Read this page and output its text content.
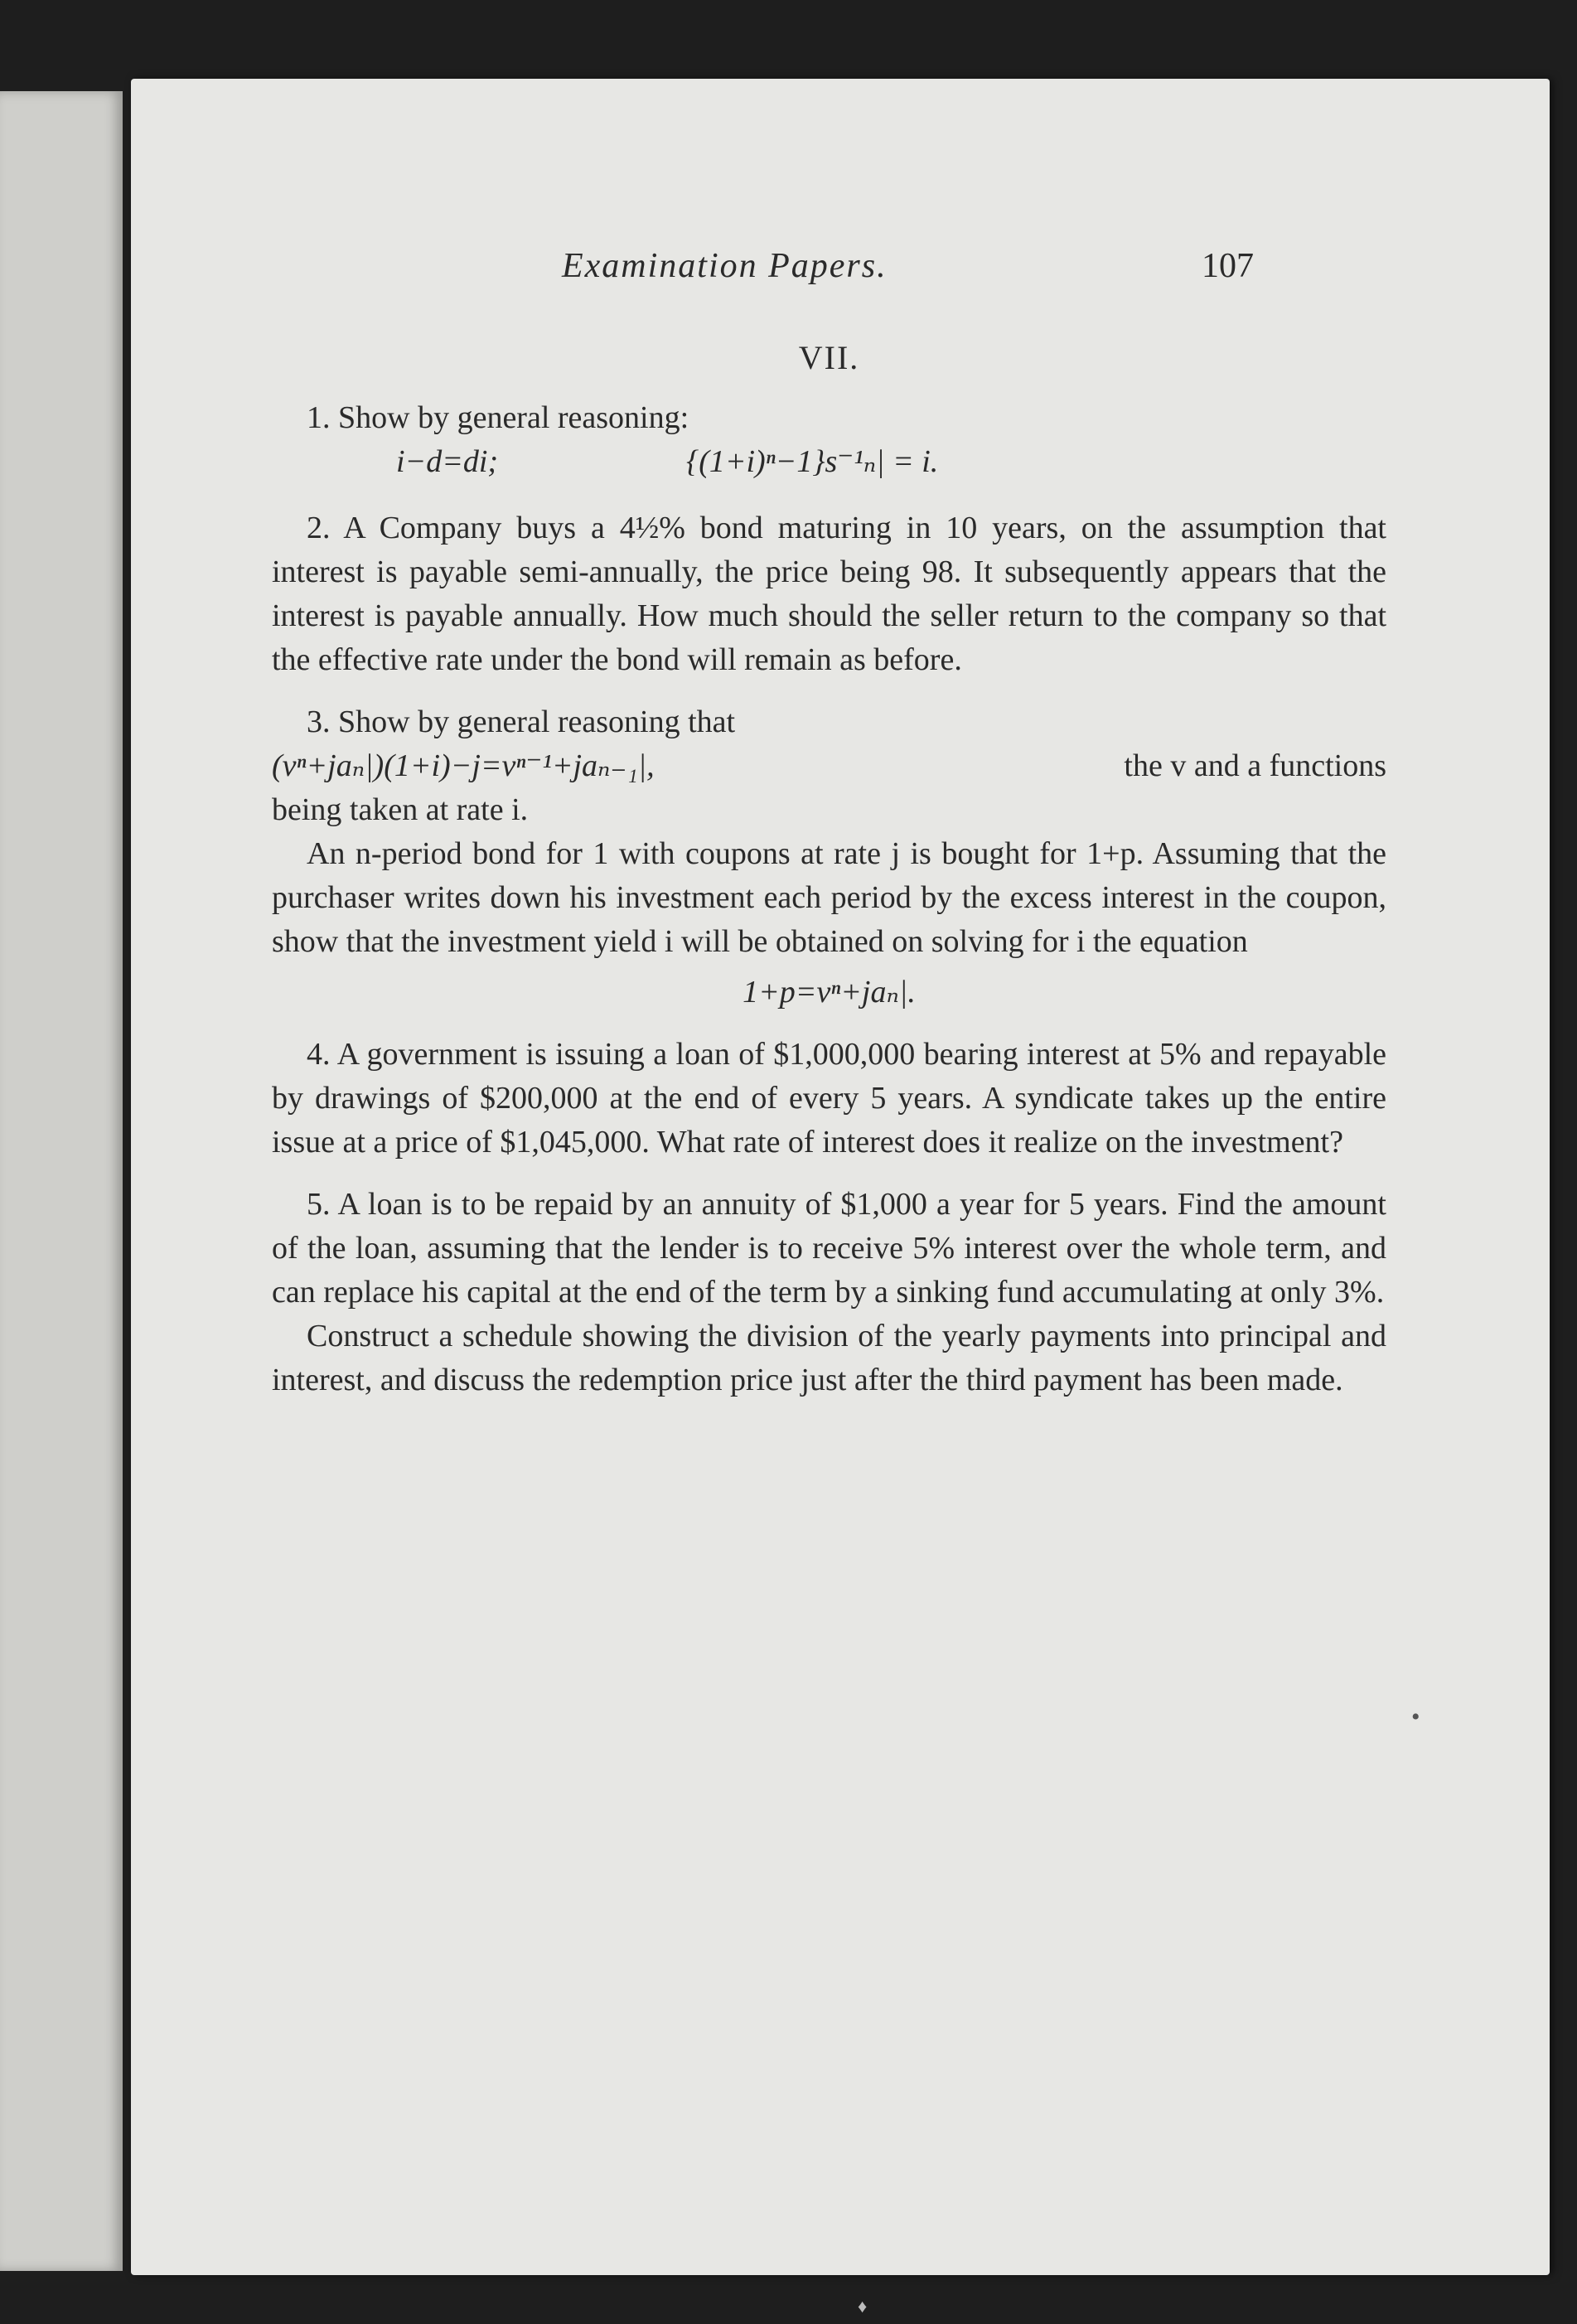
Examination Papers.	107
VII.

1. Show by general reasoning:

i−d=di;	{(1+i)ⁿ−1}s⁻¹ₙ| = i.

2. A Company buys a 4½% bond maturing in 10 years, on the assumption that interest is payable semi-annually, the price being 98. It subsequently appears that the interest is payable annually. How much should the seller return to the company so that the effective rate under the bond will remain as before.

3. Show by general reasoning that

(vⁿ+jaₙ|)(1+i)−j=vⁿ⁻¹+jaₙ₋₁|,	the v and a functions

being taken at rate i.

An n-period bond for 1 with coupons at rate j is bought for 1+p. Assuming that the purchaser writes down his investment each period by the excess interest in the coupon, show that the investment yield i will be obtained on solving for i the equation

1+p=vⁿ+jaₙ|.

4. A government is issuing a loan of $1,000,000 bearing interest at 5% and repayable by drawings of $200,000 at the end of every 5 years. A syndicate takes up the entire issue at a price of $1,045,000. What rate of interest does it realize on the investment?

5. A loan is to be repaid by an annuity of $1,000 a year for 5 years. Find the amount of the loan, assuming that the lender is to receive 5% interest over the whole term, and can replace his capital at the end of the term by a sinking fund accumulating at only 3%.

Construct a schedule showing the division of the yearly payments into principal and interest, and discuss the redemption price just after the third payment has been made.

•
♦
